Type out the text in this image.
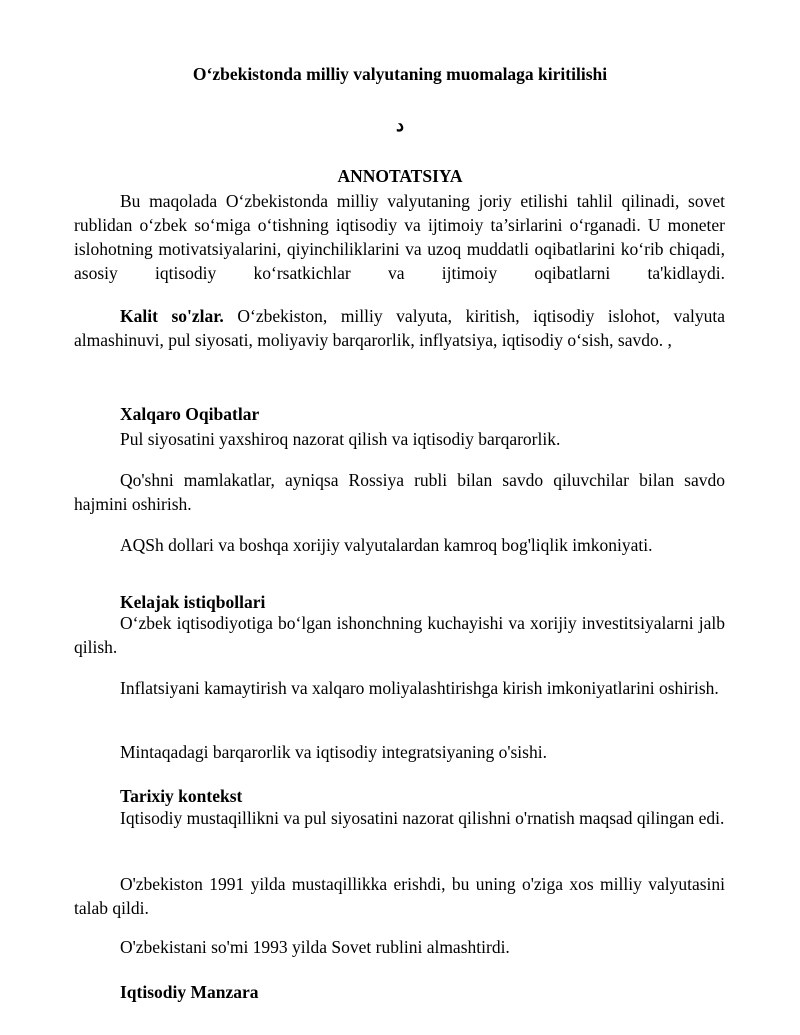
O‘zbekistonda milliy valyutaning muomalaga kiritilishi
د
ANNOTATSIYA

Bu maqolada O‘zbekistonda milliy valyutaning joriy etilishi tahlil qilinadi, sovet rublidan o‘zbek so‘miga o‘tishning iqtisodiy va ijtimoiy ta’sirlarini o‘rganadi. U moneter islohotning motivatsiyalarini, qiyinchiliklarini va uzoq muddatli oqibatlarini ko‘rib chiqadi, asosiy iqtisodiy ko‘rsatkichlar va ijtimoiy oqibatlarni ta'kidlaydi.

Kalit so'zlar. O‘zbekiston, milliy valyuta, kiritish, iqtisodiy islohot, valyuta almashinuvi, pul siyosati, moliyaviy barqarorlik, inflyatsiya, iqtisodiy o‘sish, savdo. ,

Xalqaro Oqibatlar

Pul siyosatini yaxshiroq nazorat qilish va iqtisodiy barqarorlik.

Qo'shni mamlakatlar, ayniqsa Rossiya rubli bilan savdo qiluvchilar bilan savdo hajmini oshirish.

AQSh dollari va boshqa xorijiy valyutalardan kamroq bog'liqlik imkoniyati.

Kelajak istiqbollari

O‘zbek iqtisodiyotiga bo‘lgan ishonchning kuchayishi va xorijiy investitsiyalarni jalb qilish.

Inflatsiyani kamaytirish va xalqaro moliyalashtirishga kirish imkoniyatlarini oshirish.

Mintaqadagi barqarorlik va iqtisodiy integratsiyaning o'sishi.

Tarixiy kontekst

Iqtisodiy mustaqillikni va pul siyosatini nazorat qilishni o'rnatish maqsad qilingan edi.

O'zbekiston 1991 yilda mustaqillikka erishdi, bu uning o'ziga xos milliy valyutasini talab qildi.

O'zbekistani so'mi 1993 yilda Sovet rublini almashtirdi.

Iqtisodiy Manzara
